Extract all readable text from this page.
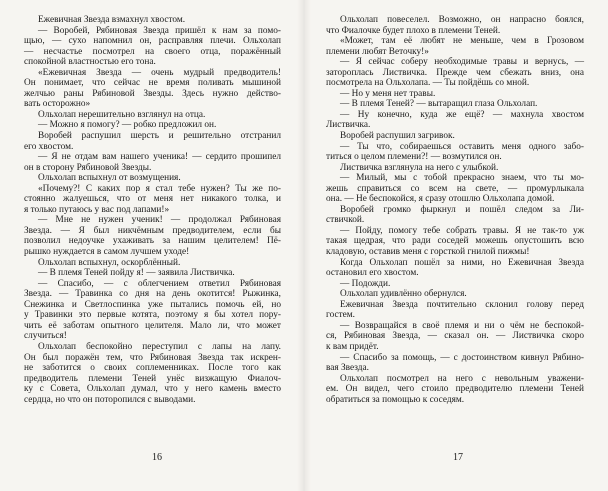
Ежевичная Звезда взмахнул хвостом.
— Воробей, Рябиновая Звезда пришёл к нам за помо-
щью, — сухо напомнил он, расправляя плечи. Ольхолап
— несчастье посмотрел на своего отца, поражённый
спокойной властностью его тона.
«Ежевичная Звезда — очень мудрый предводитель!
Он понимает, что сейчас не время поливать мышиной
желчью раны Рябиновой Звезды. Здесь нужно действо-
вать осторожно»
Ольхолап нерешительно взглянул на отца.
— Можно я помогу? — робко предложил он.
Воробей распушил шерсть и решительно отстранил
его хвостом.
— Я не отдам вам нашего ученика! — сердито прошипел
он в сторону Рябиновой Звезды.
Ольхолап вспыхнул от возмущения.
«Почему?! С каких пор я стал тебе нужен? Ты же по-
стоянно жалуешься, что от меня нет никакого толка, и
я только путаюсь у вас под лапами!»
— Мне не нужен ученик! — продолжал Рябиновая
Звезда. — Я был никчёмным предводителем, если бы
позволил недоучке ухаживать за нашим целителем! Пё-
рышко нуждается в самом лучшем уходе!
Ольхолап вспыхнул, оскорблённый.
— В племя Теней пойду я! — заявила Листвичка.
— Спасибо, — с облегчением ответил Рябиновая
Звезда. — Травинка со дня на день окотится! Рыжинка,
Снежинка и Светлоспинка уже пытались помочь ей, но
у Травинки это первые котята, поэтому я бы хотел пору-
чить её заботам опытного целителя. Мало ли, что может
случиться!
Ольхолап беспокойно переступил с лапы на лапу.
Он был поражён тем, что Рябиновая Звезда так искрен-
не заботится о своих соплеменниках. После того как
предводитель племени Теней унёс визжащую Фиалоч-
ку с Совета, Ольхолап думал, что у него камень вместо
сердца, но что он поторопился с выводами.
16
Ольхолап повеселел. Возможно, он напрасно боялся,
что Фиалочке будет плохо в племени Теней.
«Может, там её любят не меньше, чем в Грозовом
племени любят Веточку!»
— Я сейчас соберу необходимые травы и вернусь, —
затороплась Листвичка. Прежде чем сбежать вниз, она
посмотрела на Ольхолапа. — Ты пойдёшь со мной.
— Но у меня нет травы.
— В племя Теней? — вытаращил глаза Ольхолап.
— Ну конечно, куда же ещё? — махнула хвостом
Листвичка.
Воробей распушил загривок.
— Ты что, собираешься оставить меня одного забо-
титься о целом племени?! — возмутился он.
Листвичка взглянула на него с улыбкой.
— Милый, мы с тобой прекрасно знаем, что ты мо-
жешь справиться со всем на свете, — промурлыкала
она. — Не беспокойся, я сразу отошлю Ольхолапа домой.
Воробей громко фыркнул и пошёл следом за Ли-
ствичкой.
— Пойду, помогу тебе собрать травы. Я не так-то уж
такая щедрая, что ради соседей можешь опустошить всю
кладовую, оставив меня с горсткой гнилой пижмы!
Когда Ольхолап пошёл за ними, но Ежевичная Звезда
остановил его хвостом.
— Подожди.
Ольхолап удивлённо обернулся.
Ежевичная Звезда почтительно склонил голову перед
гостем.
— Возвращайся в своё племя и ни о чём не беспокой-
ся, Рябиновая Звезда, — сказал он. — Листвичка скоро
к вам придёт.
— Спасибо за помощь, — с достоинством кивнул Рябино-
вая Звезда.
Ольхолап посмотрел на него с невольным уважени-
ем. Он видел, чего стоило предводителю племени Теней
обратиться за помощью к соседям.
17
